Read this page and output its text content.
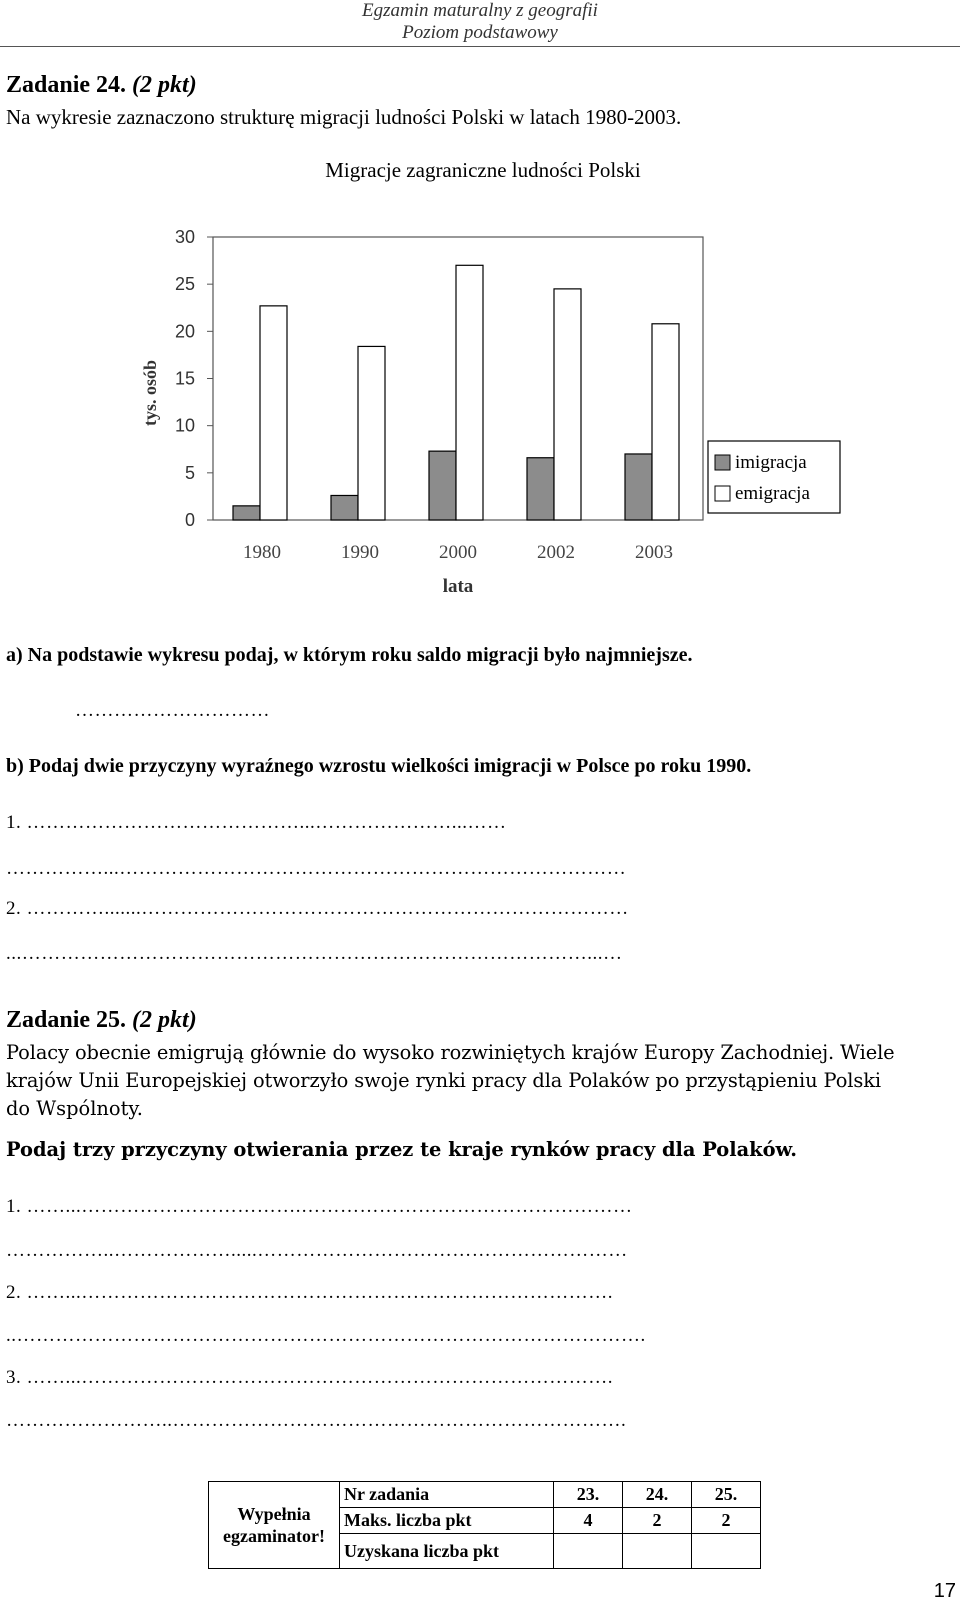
Egzamin maturalny z geografii
Poziom podstawowy
Zadanie 24. (2 pkt)
Na wykresie zaznaczono strukturę migracji ludności Polski w latach 1980-2003.
Migracje zagraniczne ludności Polski
tys. osób
lata
0
5
10
15
20
25
30
1980	1990	2000	2002	2003
imigracja
emigracja
a) Na podstawie wykresu podaj, w którym roku saldo migracji było najmniejsze.
…………………………
b) Podaj dwie przyczyny wyraźnego wzrostu wielkości imigracji w Polsce po roku 1990.
1. ……………………………………...…………………...……
……………...……………………………………………………………………
2. ………….......…………………………………………………………………
...……………………………………………………………………………...…
Zadanie 25. (2 pkt)
Polacy obecnie emigrują głównie do wysoko rozwiniętych krajów Europy Zachodniej. Wiele
krajów Unii Europejskiej otworzyło swoje rynki pracy dla Polaków po przystąpieniu Polski
do Wspólnoty.
Podaj trzy przyczyny otwierania przez te kraje rynków pracy dla Polaków.
1. ……...…………………………….……………………………………………
……………..……………….....…………………………………………………
2. ……...……………………………………………………………………….
..…………………………………………………………………………………….
3. ……...……………………………………………………………………….
……………………..…………………………………………………………….
Wypełnia
egzaminator!	Nr zadania	23.	24.	25.
	Maks. liczba pkt	4	2	2
	Uzyskana liczba pkt			
17
